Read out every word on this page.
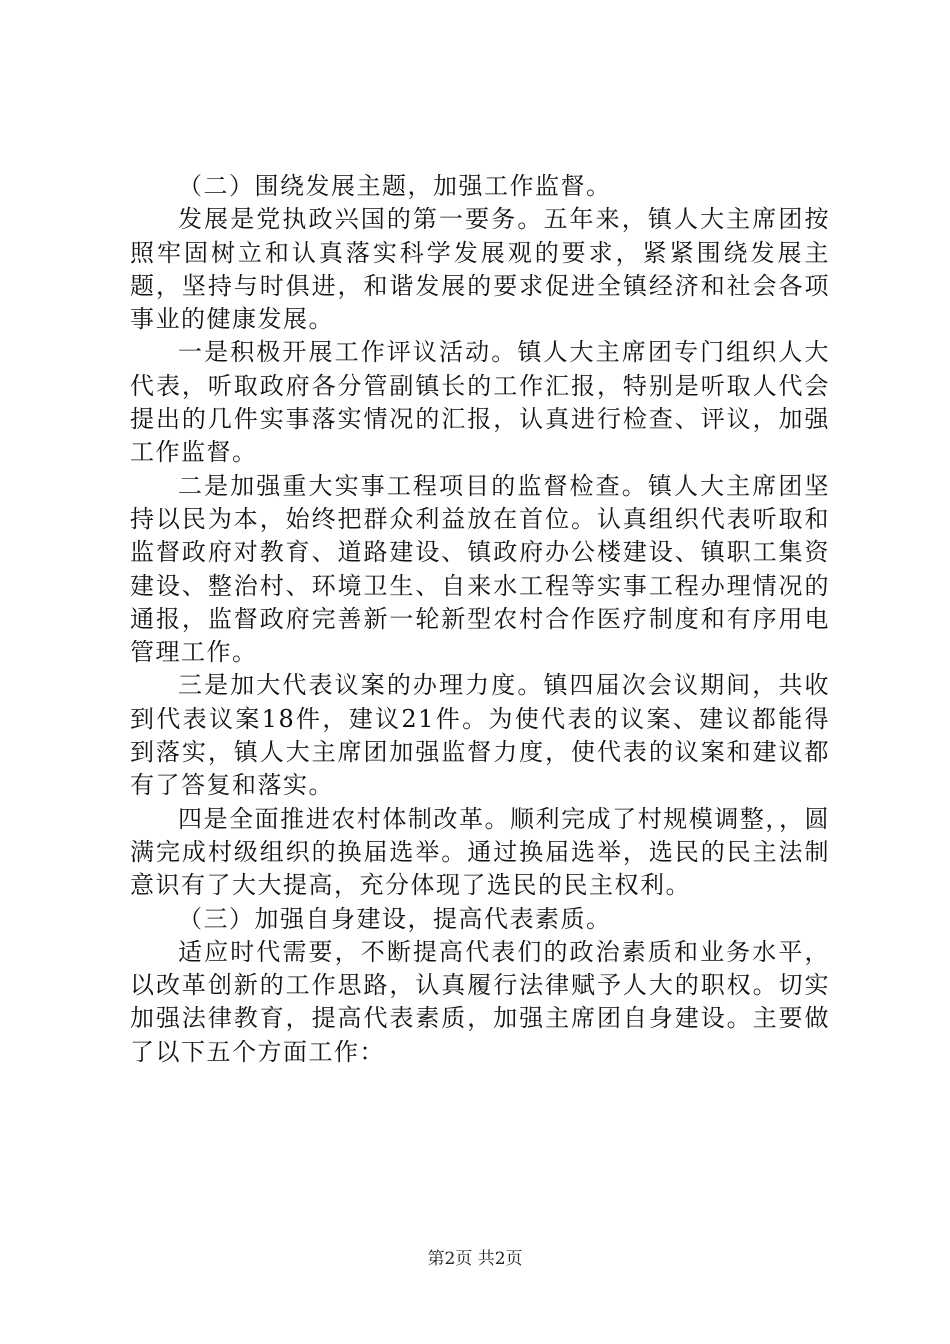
（二）围绕发展主题，加强工作监督。

发展是党执政兴国的第一要务。五年来，镇人大主席团按照牢固树立和认真落实科学发展观的要求，紧紧围绕发展主题，坚持与时俱进，和谐发展的要求促进全镇经济和社会各项事业的健康发展。

一是积极开展工作评议活动。镇人大主席团专门组织人大代表，听取政府各分管副镇长的工作汇报，特别是听取人代会提出的几件实事落实情况的汇报，认真进行检查、评议，加强工作监督。

二是加强重大实事工程项目的监督检查。镇人大主席团坚持以民为本，始终把群众利益放在首位。认真组织代表听取和监督政府对教育、道路建设、镇政府办公楼建设、镇职工集资建设、整治村、环境卫生、自来水工程等实事工程办理情况的通报，监督政府完善新一轮新型农村合作医疗制度和有序用电管理工作。

三是加大代表议案的办理力度。镇四届次会议期间，共收到代表议案18件，建议21件。为使代表的议案、建议都能得到落实，镇人大主席团加强监督力度，使代表的议案和建议都有了答复和落实。

四是全面推进农村体制改革。顺利完成了村规模调整，，圆满完成村级组织的换届选举。通过换届选举，选民的民主法制意识有了大大提高，充分体现了选民的民主权利。

（三）加强自身建设，提高代表素质。

适应时代需要，不断提高代表们的政治素质和业务水平，以改革创新的工作思路，认真履行法律赋予人大的职权。切实加强法律教育，提高代表素质，加强主席团自身建设。主要做了以下五个方面工作：

第2页 共2页
